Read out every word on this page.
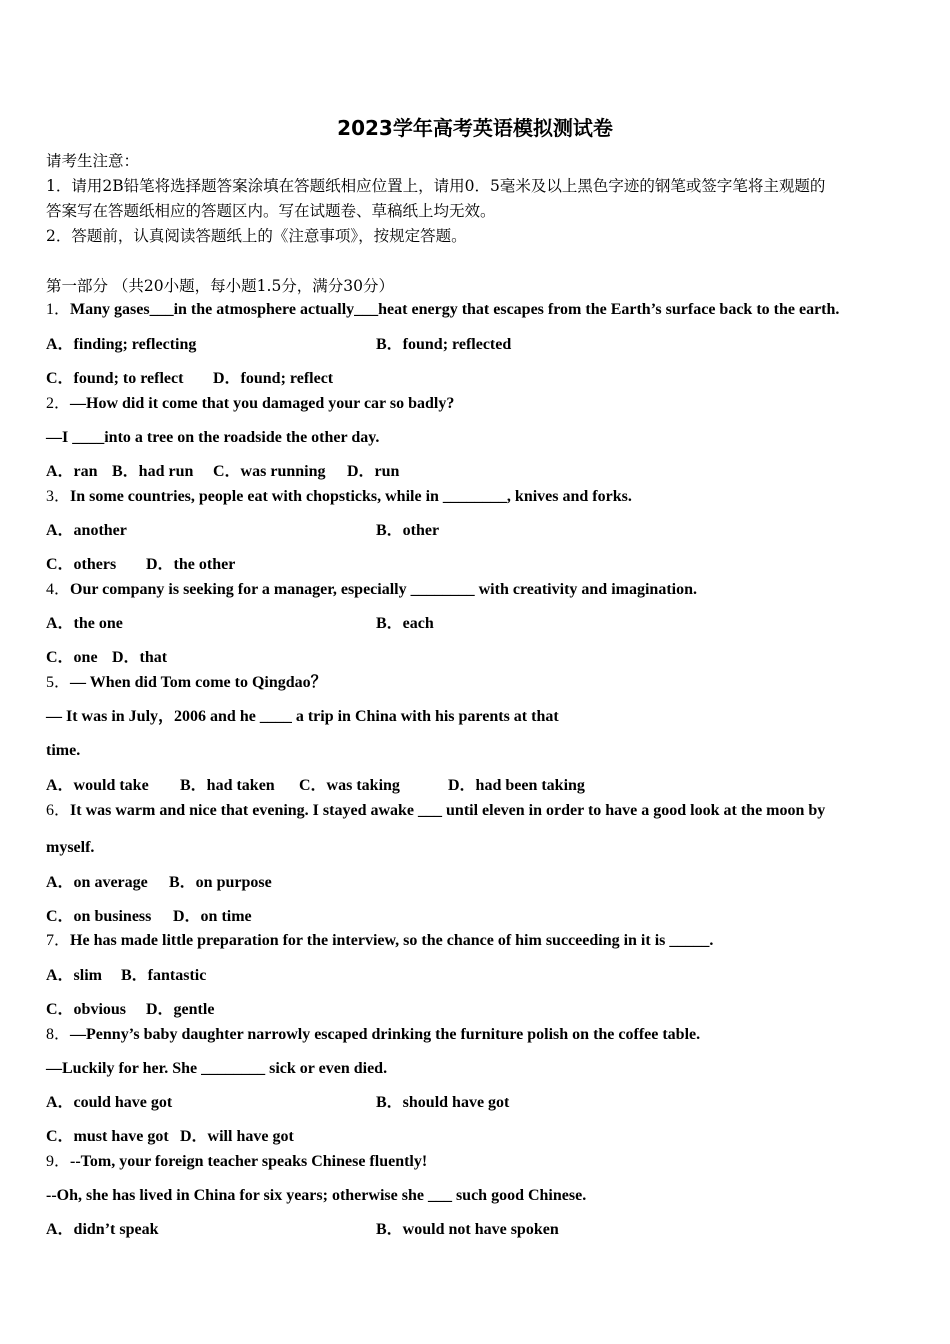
2023学年高考英语模拟测试卷
请考生注意：
1．请用2B铅笔将选择题答案涂填在答题纸相应位置上，请用0．5毫米及以上黑色字迹的钢笔或签字笔将主观题的
答案写在答题纸相应的答题区内。写在试题卷、草稿纸上均无效。
2．答题前，认真阅读答题纸上的《注意事项》，按规定答题。
第一部分 （共20小题，每小题1.5分，满分30分）
1．Many gases___in the atmosphere actually___heat energy that escapes from the Earth’s surface back to the earth.
A．finding; reflecting	B．found; reflected
C．found; to reflect D．found; reflect
2．—How did it come that you damaged your car so badly?
—I ____into a tree on the roadside the other day.
A．ran B．had run C．was running D．run
3．In some countries, people eat with chopsticks, while in ________, knives and forks.
A．another	B．other
C．others D．the other
4．Our company is seeking for a manager, especially ________ with creativity and imagination.
A．the one	B．each
C．one D．that
5．— When did Tom come to Qingdao？
— It was in July，2006 and he ____ a trip in China with his parents at that
time.
A．would take B．had taken C．was taking	D．had been taking
6．It was warm and nice that evening. I stayed awake ___ until eleven in order to have a good look at the moon by
myself.
A．on average B．on purpose
C．on business D．on time
7．He has made little preparation for the interview, so the chance of him succeeding in it is _____.
A．slim B．fantastic
C．obvious D．gentle
8．—Penny’s baby daughter narrowly escaped drinking the furniture polish on the coffee table.
—Luckily for her. She ________ sick or even died.
A．could have got	B．should have got
C．must have got D．will have got
9．--Tom, your foreign teacher speaks Chinese fluently!
--Oh, she has lived in China for six years; otherwise she ___ such good Chinese.
A．didn’t speak	B．would not have spoken
